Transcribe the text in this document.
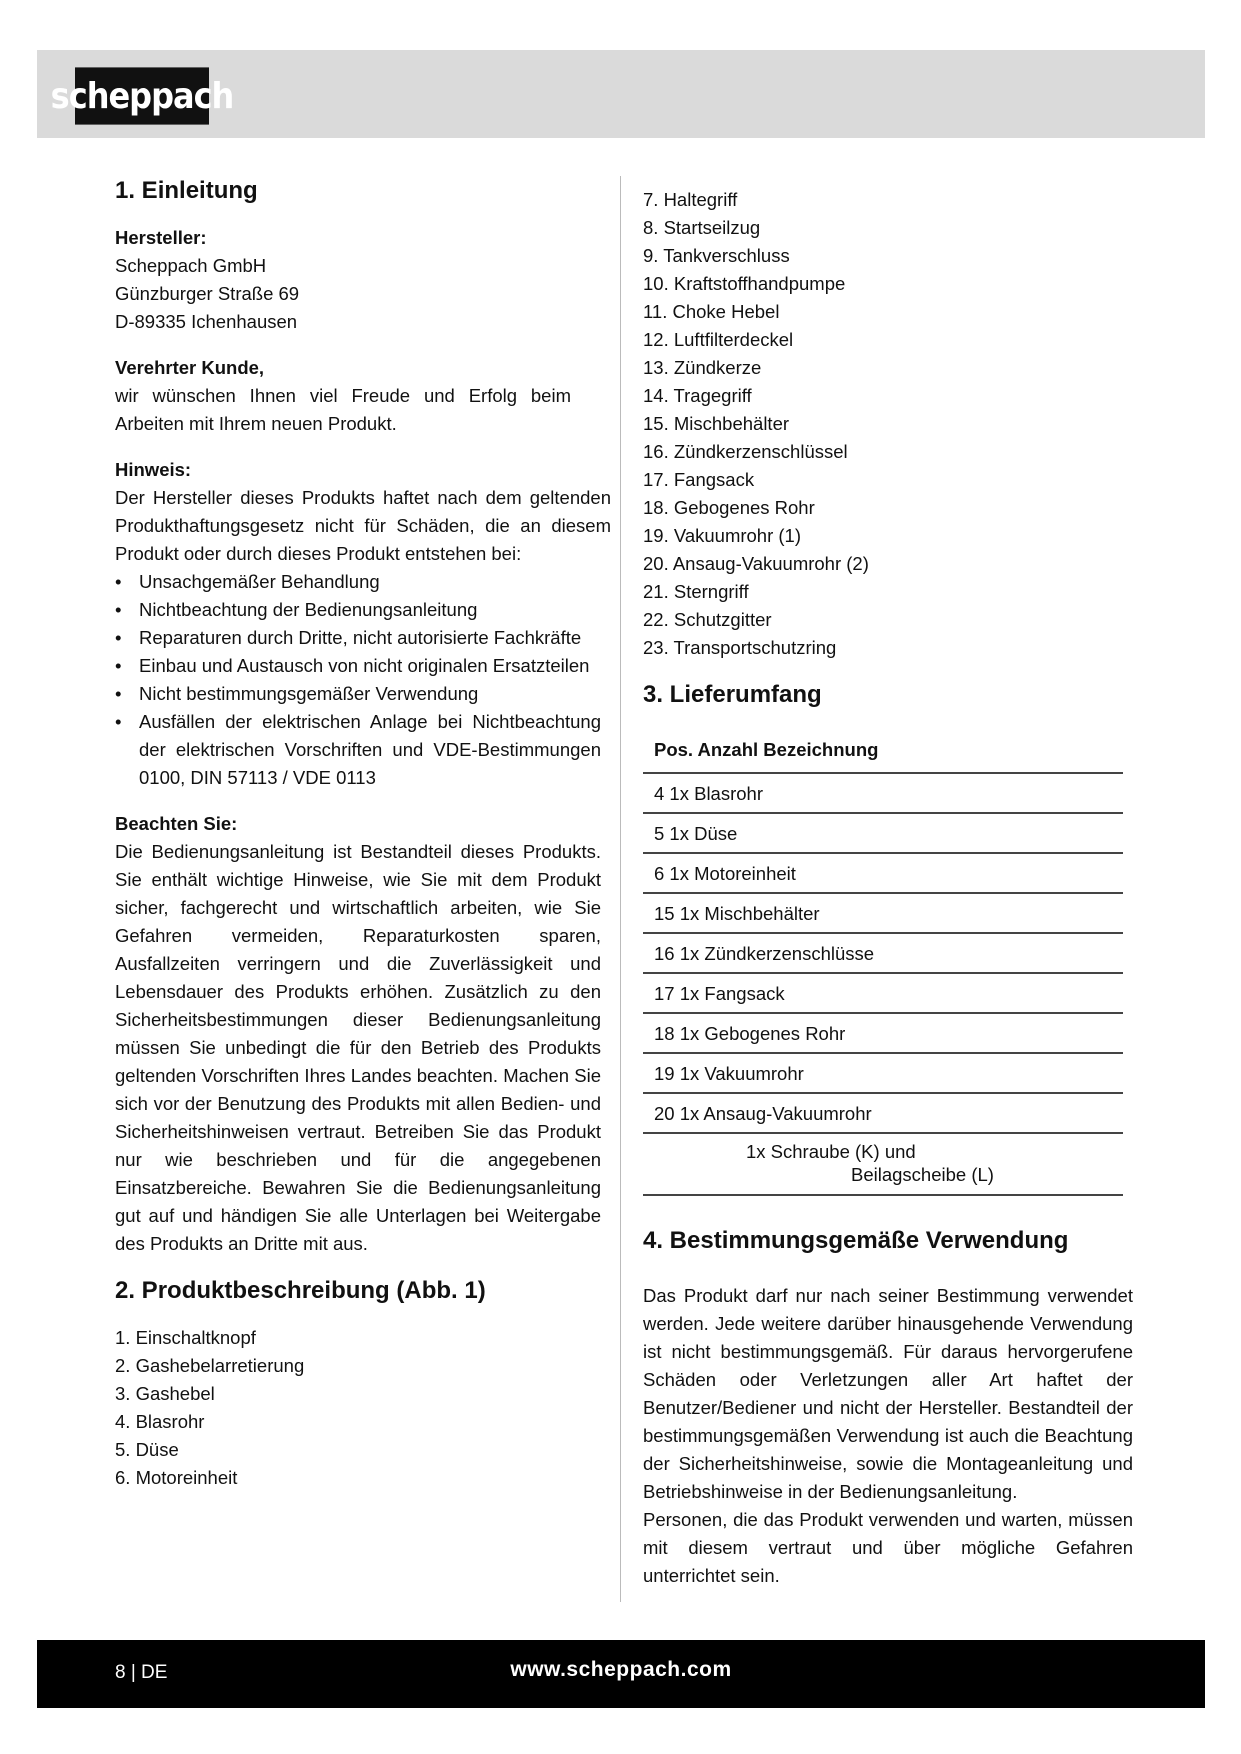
scheppach
1. Einleitung

Hersteller:

Scheppach GmbH

Günzburger Straße 69

D-89335 Ichenhausen

Verehrter Kunde,

wir wünschen Ihnen viel Freude und Erfolg beim Arbeiten mit Ihrem neuen Produkt.

Hinweis:

Der Hersteller dieses Produkts haftet nach dem geltenden Produkthaftungsgesetz nicht für Schäden, die an diesem Produkt oder durch dieses Produkt entstehen bei:

• Unsachgemäßer Behandlung
• Nichtbeachtung der Bedienungsanleitung
• Reparaturen durch Dritte, nicht autorisierte Fachkräfte
• Einbau und Austausch von nicht originalen Ersatzteilen
• Nicht bestimmungsgemäßer Verwendung
• Ausfällen der elektrischen Anlage bei Nichtbeachtung der elektrischen Vorschriften und VDE-Bestimmungen 0100, DIN 57113 / VDE 0113

Beachten Sie:

Die Bedienungsanleitung ist Bestandteil dieses Produkts. Sie enthält wichtige Hinweise, wie Sie mit dem Produkt sicher, fachgerecht und wirtschaftlich arbeiten, wie Sie Gefahren vermeiden, Reparaturkosten sparen, Ausfallzeiten verringern und die Zuverlässigkeit und Lebensdauer des Produkts erhöhen. Zusätzlich zu den Sicherheitsbestimmungen dieser Bedienungsanleitung müssen Sie unbedingt die für den Betrieb des Produkts geltenden Vorschriften Ihres Landes beachten. Machen Sie sich vor der Benutzung des Produkts mit allen Bedien- und Sicherheitshinweisen vertraut. Betreiben Sie das Produkt nur wie beschrieben und für die angegebenen Einsatzbereiche. Bewahren Sie die Bedienungsanleitung gut auf und händigen Sie alle Unterlagen bei Weitergabe des Produkts an Dritte mit aus.

2. Produktbeschreibung (Abb. 1)
1. Einschaltknopf
2. Gashebelarretierung
3. Gashebel
4. Blasrohr
5. Düse
6. Motoreinheit
7. Haltegriff
8. Startseilzug
9. Tankverschluss
10. Kraftstoffhandpumpe
11. Choke Hebel
12. Luftfilterdeckel
13. Zündkerze
14. Tragegriff
15. Mischbehälter
16. Zündkerzenschlüssel
17. Fangsack
18. Gebogenes Rohr
19. Vakuumrohr (1)
20. Ansaug-Vakuumrohr (2)
21. Sterngriff
22. Schutzgitter
23. Transportschutzring
3. Lieferumfang
Pos. Anzahl Bezeichnung
4 1x Blasrohr
5 1x Düse
6 1x Motoreinheit
15 1x Mischbehälter
16 1x Zündkerzenschlüsse
17 1x Fangsack
18 1x Gebogenes Rohr
19 1x Vakuumrohr
20 1x Ansaug-Vakuumrohr
1x Schraube (K) und
Beilagscheibe (L)
4. Bestimmungsgemäße Verwendung

Das Produkt darf nur nach seiner Bestimmung verwendet werden. Jede weitere darüber hinausgehende Verwendung ist nicht bestimmungsgemäß. Für daraus hervorgerufene Schäden oder Verletzungen aller Art haftet der Benutzer/Bediener und nicht der Hersteller. Bestandteil der bestimmungsgemäßen Verwendung ist auch die Beachtung der Sicherheitshinweise, sowie die Montageanleitung und Betriebshinweise in der Bedienungsanleitung.

Personen, die das Produkt verwenden und warten, müssen mit diesem vertraut und über mögliche Gefahren unterrichtet sein.

8 | DE	www.scheppach.com
